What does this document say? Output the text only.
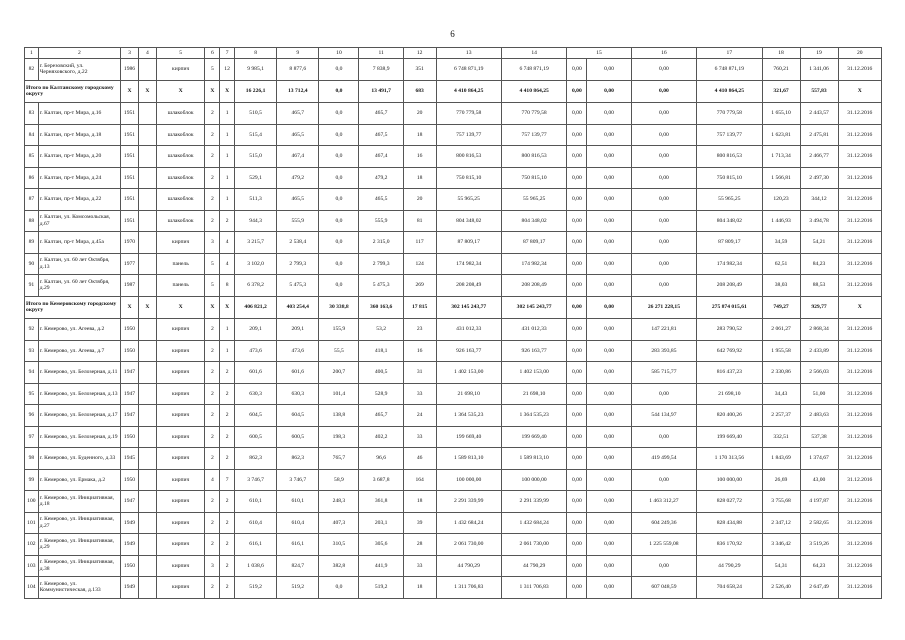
6
1	2	3	4	5	6	7	8	9	10	11	12	13	14	15		16	17	18	19	20
82	г. Березовский, ул. Черняховского, д.22	1986		кирпич	5	12	9 985,1	8 877,6	0,0	7 838,9	351	6 748 871,19	6 748 871,19	0,00	0,00	0,00	6 748 871,19	760,21	1 341,06	31.12.2016
Итого по Калтанскому городскому округу		X	X	X	X	X	16 226,1	13 712,4	0,0	13 491,7	683	4 410 864,25	4 410 864,25	0,00	0,00	0,00	4 410 864,25	321,67	557,83	X
83	г. Калтан, пр-т Мира, д.16	1951		шлакоблок	2	1	510,5	465,7	0,0	465,7	20	770 779,58	770 779,58	0,00	0,00	0,00	770 779,58	1 655,10	2 443,57	31.12.2016
84	г. Калтан, пр-т Мира, д.18	1951		шлакоблок	2	1	515,4	465,5	0,0	467,5	18	757 139,77	757 139,77	0,00	0,00	0,00	757 139,77	1 623,81	2 475,81	31.12.2016
85	г. Калтан, пр-т Мира, д.20	1951		шлакоблок	2	1	515,0	467,4	0,0	467,4	16	800 816,53	800 816,53	0,00	0,00	0,00	800 816,53	1 713,34	2 466,77	31.12.2016
86	г. Калтан, пр-т Мира, д.24	1951		шлакоблок	2	1	529,1	479,2	0,0	479,2	18	750 815,10	750 815,10	0,00	0,00	0,00	750 815,10	1 566,81	2 497,30	31.12.2016
87	г. Калтан, пр-т Мира, д.22	1951		шлакоблок	2	1	511,3	465,5	0,0	465,5	20	55 965,25	55 965,25	0,00	0,00	0,00	55 965,25	120,23	344,12	31.12.2016
88	г. Калтан, ул. Комсомольская, д.67	1951		шлакоблок	2	2	944,3	555,9	0,0	555,9	81	804 348,02	804 348,02	0,00	0,00	0,00	804 348,02	1 446,93	3 494,78	31.12.2016
89	г. Калтан, пр-т Мира, д.45а	1970		кирпич	3	4	3 215,7	2 538,4	0,0	2 315,0	117	87 809,17	87 809,17	0,00	0,00	0,00	87 809,17	34,59	54,21	31.12.2016
90	г. Калтан, ул. 60 лет Октября, д.13	1977		панель	5	4	3 102,0	2 799,3	0,0	2 799,3	124	174 982,34	174 982,34	0,00	0,00	0,00	174 982,34	62,51	84,23	31.12.2016
91	г. Калтан, ул. 60 лет Октября, д.29	1987		панель	5	8	6 378,2	5 475,3	0,0	5 475,3	269	208 208,49	208 208,49	0,00	0,00	0,00	208 208,49	38,03	88,53	31.12.2016
Итого по Кемеровскому городскому округу		X	X	X	X	X	406 821,2	403 254,4	30 338,8	360 163,6	17 815	302 145 243,77	302 145 243,77	0,00	0,00	26 271 228,15	275 874 015,61	749,27	929,77	X
92	г. Кемерово, ул. Агеева, д.2	1950		кирпич	2	1	209,1	209,1	155,9	53,2	23	431 012,33	431 012,33	0,00	0,00	147 221,81	283 790,52	2 061,27	2 868,34	31.12.2016
93	г. Кемерово, ул. Агеева, д.7	1950		кирпич	2	1	473,6	473,6	55,5	418,1	16	926 163,77	926 163,77	0,00	0,00	283 393,85	642 769,92	1 955,58	2 433,89	31.12.2016
94	г. Кемерово, ул. Белозерная, д.11	1947		кирпич	2	2	601,6	601,6	200,7	400,5	31	1 402 153,00	1 402 153,00	0,00	0,00	585 715,77	816 437,23	2 330,86	2 566,03	31.12.2016
95	г. Кемерово, ул. Белозерная, д.13	1947		кирпич	2	2	630,3	630,3	101,4	528,9	33	21 698,10	21 698,10	0,00	0,00	0,00	21 698,10	34,43	51,00	31.12.2016
96	г. Кемерово, ул. Белозерная, д.17	1947		кирпич	2	2	604,5	604,5	138,8	465,7	24	1 364 535,23	1 364 535,23	0,00	0,00	544 134,97	820 400,26	2 257,37	2 483,63	31.12.2016
97	г. Кемерово, ул. Белозерная, д.19	1950		кирпич	2	2	600,5	600,5	198,3	402,2	33	199 669,40	199 669,40	0,00	0,00	0,00	199 669,40	332,51	537,38	31.12.2016
98	г. Кемерово, ул. Буденного, д.33	1945		кирпич	2	2	862,3	862,3	765,7	96,6	46	1 589 813,10	1 589 813,10	0,00	0,00	419 499,54	1 170 313,56	1 843,69	1 374,67	31.12.2016
99	г. Кемерово, ул. Ермака, д.2	1950		кирпич	4	7	3 746,7	3 746,7	58,9	3 687,8	164	100 000,00	100 000,00	0,00	0,00	0,00	100 000,00	26,69	43,00	31.12.2016
100	г. Кемерово, ул. Инициативная, д.18	1947		кирпич	2	2	610,1	610,1	248,3	361,8	18	2 291 339,99	2 291 339,99	0,00	0,00	1 463 312,27	828 027,72	3 755,68	4 197,87	31.12.2016
101	г. Кемерово, ул. Инициативная, д.27	1949		кирпич	2	2	610,4	610,4	407,3	203,1	39	1 432 684,24	1 432 684,24	0,00	0,00	604 249,36	828 434,88	2 347,12	2 582,65	31.12.2016
102	г. Кемерово, ул. Инициативная, д.29	1949		кирпич	2	2	616,1	616,1	310,5	305,6	28	2 061 730,00	2 061 730,00	0,00	0,00	1 225 559,08	836 170,92	3 346,42	3 519,26	31.12.2016
103	г. Кемерово, ул. Инициативная, д.38	1950		кирпич	3	2	1 038,6	824,7	382,8	441,9	33	44 790,29	44 790,29	0,00	0,00	0,00	44 790,29	54,31	64,23	31.12.2016
104	г. Кемерово, ул. Коммунистическая, д.133	1949		кирпич	2	2	519,2	519,2	0,0	519,2	18	1 311 706,83	1 311 706,83	0,00	0,00	607 048,59	704 658,24	2 526,40	2 647,49	31.12.2016
